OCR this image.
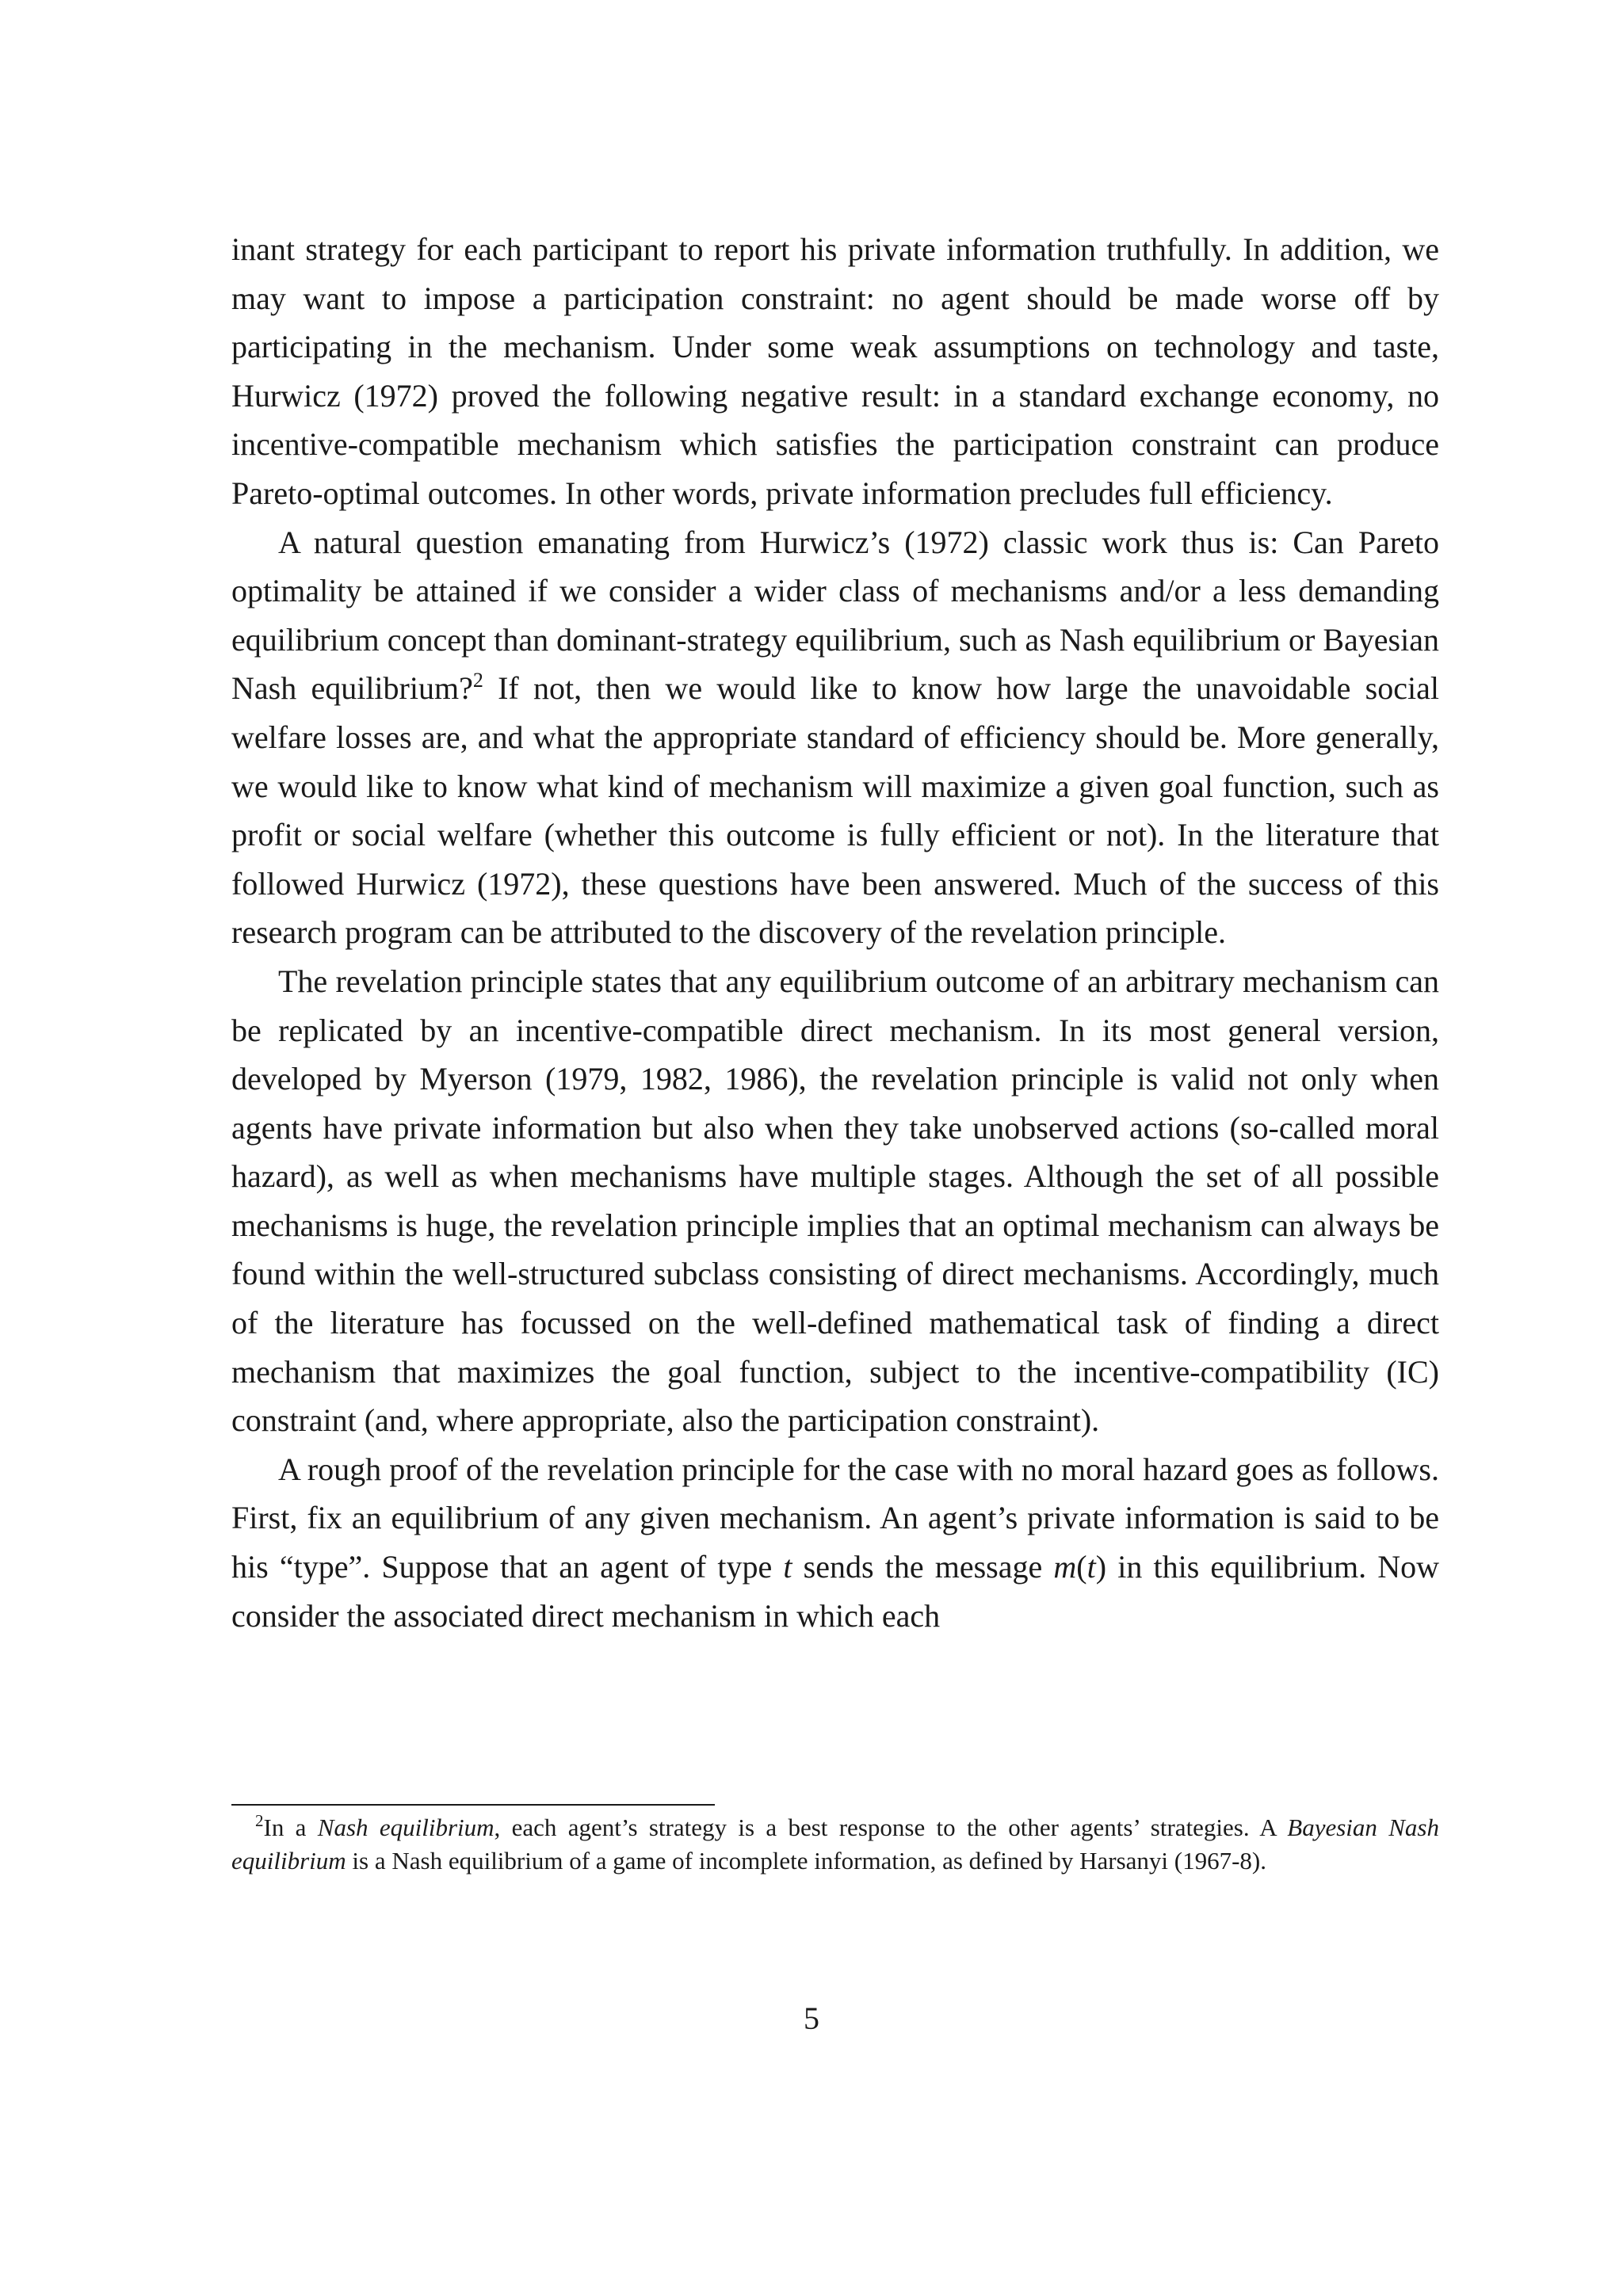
inant strategy for each participant to report his private information truthfully. In addition, we may want to impose a participation constraint: no agent should be made worse off by participating in the mechanism. Under some weak assumptions on technology and taste, Hurwicz (1972) proved the following negative result: in a standard exchange economy, no incentive-compatible mechanism which satisfies the participation constraint can produce Pareto-optimal outcomes. In other words, private information precludes full efficiency.

A natural question emanating from Hurwicz’s (1972) classic work thus is: Can Pareto optimality be attained if we consider a wider class of mechanisms and/or a less demanding equilibrium concept than dominant-strategy equilibrium, such as Nash equilibrium or Bayesian Nash equilibrium?$^2$ If not, then we would like to know how large the unavoidable social welfare losses are, and what the appropriate standard of efficiency should be. More generally, we would like to know what kind of mechanism will maximize a given goal function, such as profit or social welfare (whether this outcome is fully efficient or not). In the literature that followed Hurwicz (1972), these questions have been answered. Much of the success of this research program can be attributed to the discovery of the revelation principle.

The revelation principle states that any equilibrium outcome of an arbitrary mechanism can be replicated by an incentive-compatible direct mechanism. In its most general version, developed by Myerson (1979, 1982, 1986), the revelation principle is valid not only when agents have private information but also when they take unobserved actions (so-called moral hazard), as well as when mechanisms have multiple stages. Although the set of all possible mechanisms is huge, the revelation principle implies that an optimal mechanism can always be found within the well-structured subclass consisting of direct mechanisms. Accordingly, much of the literature has focussed on the well-defined mathematical task of finding a direct mechanism that maximizes the goal function, subject to the incentive-compatibility (IC) constraint (and, where appropriate, also the participation constraint).

A rough proof of the revelation principle for the case with no moral hazard goes as follows. First, fix an equilibrium of any given mechanism. An agent’s private information is said to be his “type”. Suppose that an agent of type t sends the message m(t) in this equilibrium. Now consider the associated direct mechanism in which each

$^2$In a Nash equilibrium, each agent’s strategy is a best response to the other agents’ strategies. A Bayesian Nash equilibrium is a Nash equilibrium of a game of incomplete information, as defined by Harsanyi (1967-8).

5
